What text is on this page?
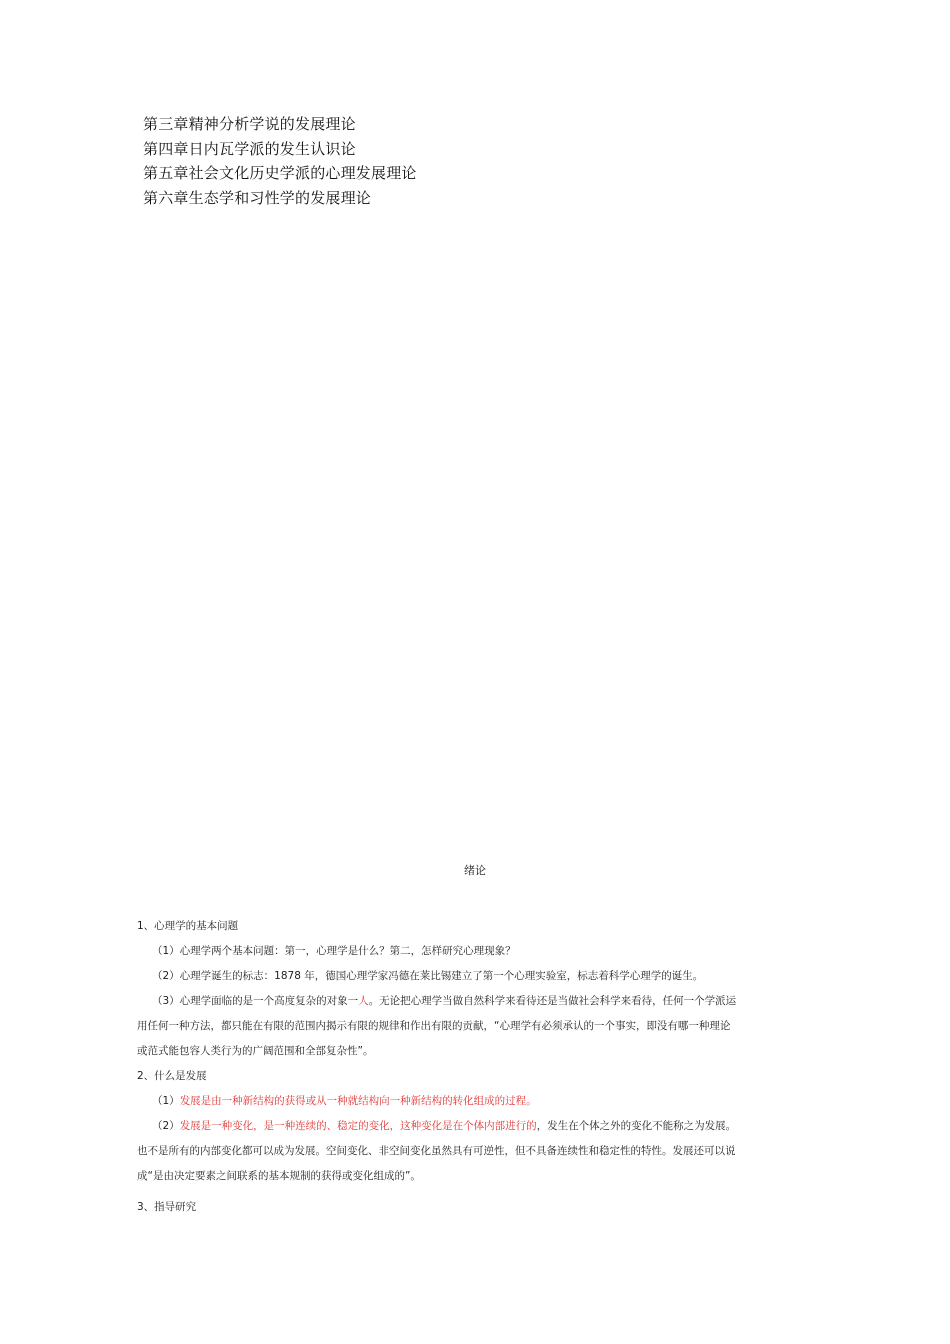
第三章精神分析学说的发展理论
第四章日内瓦学派的发生认识论
第五章社会文化历史学派的心理发展理论
第六章生态学和习性学的发展理论
绪论
1、心理学的基本问题
（1）心理学两个基本问题：第一，心理学是什么？第二，怎样研究心理现象？
（2）心理学诞生的标志：1878 年，德国心理学家冯德在莱比锡建立了第一个心理实验室，标志着科学心理学的诞生。
（3）心理学面临的是一个高度复杂的对象一人。无论把心理学当做自然科学来看待还是当做社会科学来看待，任何一个学派运
用任何一种方法，都只能在有限的范围内揭示有限的规律和作出有限的贡献，“心理学有必须承认的一个事实，即没有哪一种理论
或范式能包容人类行为的广阔范围和全部复杂性”。
2、什么是发展
（1）发展是由一种新结构的获得或从一种就结构向一种新结构的转化组成的过程。
（2）发展是一种变化，是一种连续的、稳定的变化，这种变化是在个体内部进行的，发生在个体之外的变化不能称之为发展。
也不是所有的内部变化都可以成为发展。空间变化、非空间变化虽然具有可逆性，但不具备连续性和稳定性的特性。发展还可以说
成“是由决定要素之间联系的基本规制的获得或变化组成的”。
3、指导研究
